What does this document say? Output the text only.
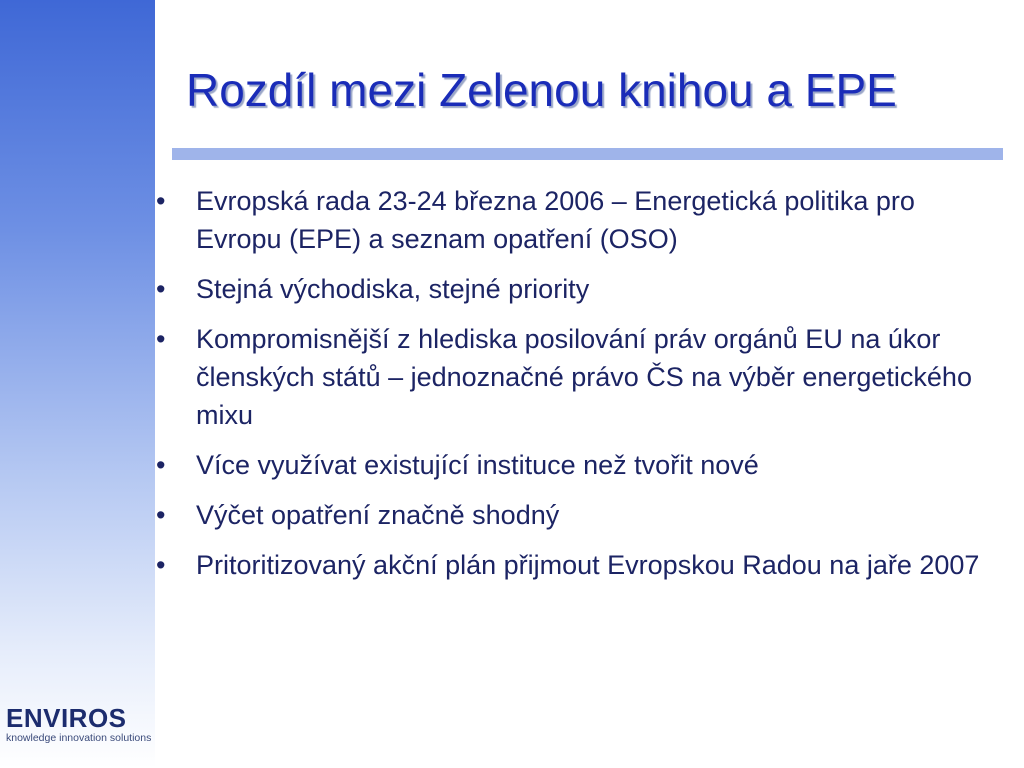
Rozdíl mezi Zelenou knihou a EPE
•	Evropská rada 23-24 března 2006 – Energetická politika pro Evropu (EPE) a seznam opatření (OSO)
•	Stejná východiska, stejné priority
•	Kompromisnější z hlediska posilování práv orgánů EU na úkor členských států – jednoznačné právo ČS na výběr energetického mixu
•	Více využívat existující instituce než tvořit nové
•	Výčet opatření značně shodný
•	Pritoritizovaný akční plán přijmout Evropskou Radou na jaře 2007
ENVIROS
knowledge innovation solutions
